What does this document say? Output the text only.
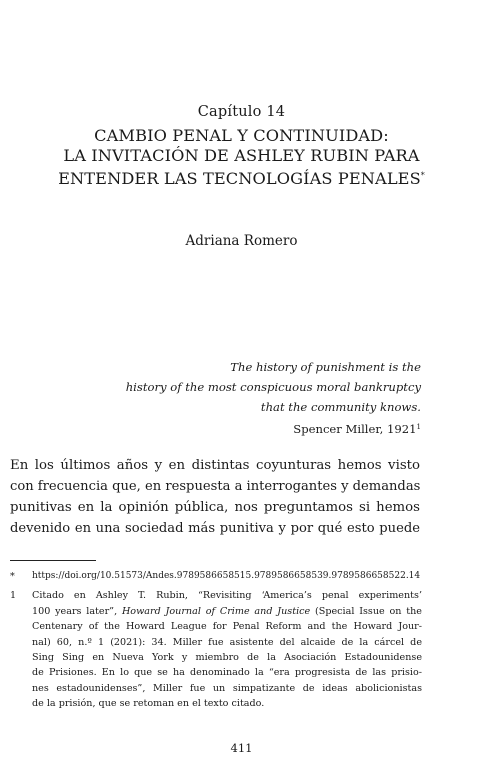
Capítulo 14
CAMBIO PENAL Y CONTINUIDAD:
LA INVITACIÓN DE ASHLEY RUBIN PARA
ENTENDER LAS TECNOLOGÍAS PENALES*
Adriana Romero
The history of punishment is the
history of the most conspicuous moral bankruptcy
that the community knows.
Spencer Miller, 1921$^1$
En los últimos años y en distintas coyunturas hemos visto
con frecuencia que, en respuesta a interrogantes y demandas
punitivas en la opinión pública, nos preguntamos si hemos
devenido en una sociedad más punitiva y por qué esto puede
* https://doi.org/10.51573/Andes.9789586658515.9789586658539.9789586658522.14
1 Citado en Ashley T. Rubin, “Revisiting ‘America’s penal experiments’
100 years later”, Howard Journal of Crime and Justice (Special Issue on the
Centenary of the Howard League for Penal Reform and the Howard Jour-
nal) 60, n.º 1 (2021): 34. Miller fue asistente del alcaide de la cárcel de
Sing Sing en Nueva York y miembro de la Asociación Estadounidense
de Prisiones. En lo que se ha denominado la “era progresista de las prisio-
nes estadounidenses”, Miller fue un simpatizante de ideas abolicionistas
de la prisión, que se retoman en el texto citado.
411
